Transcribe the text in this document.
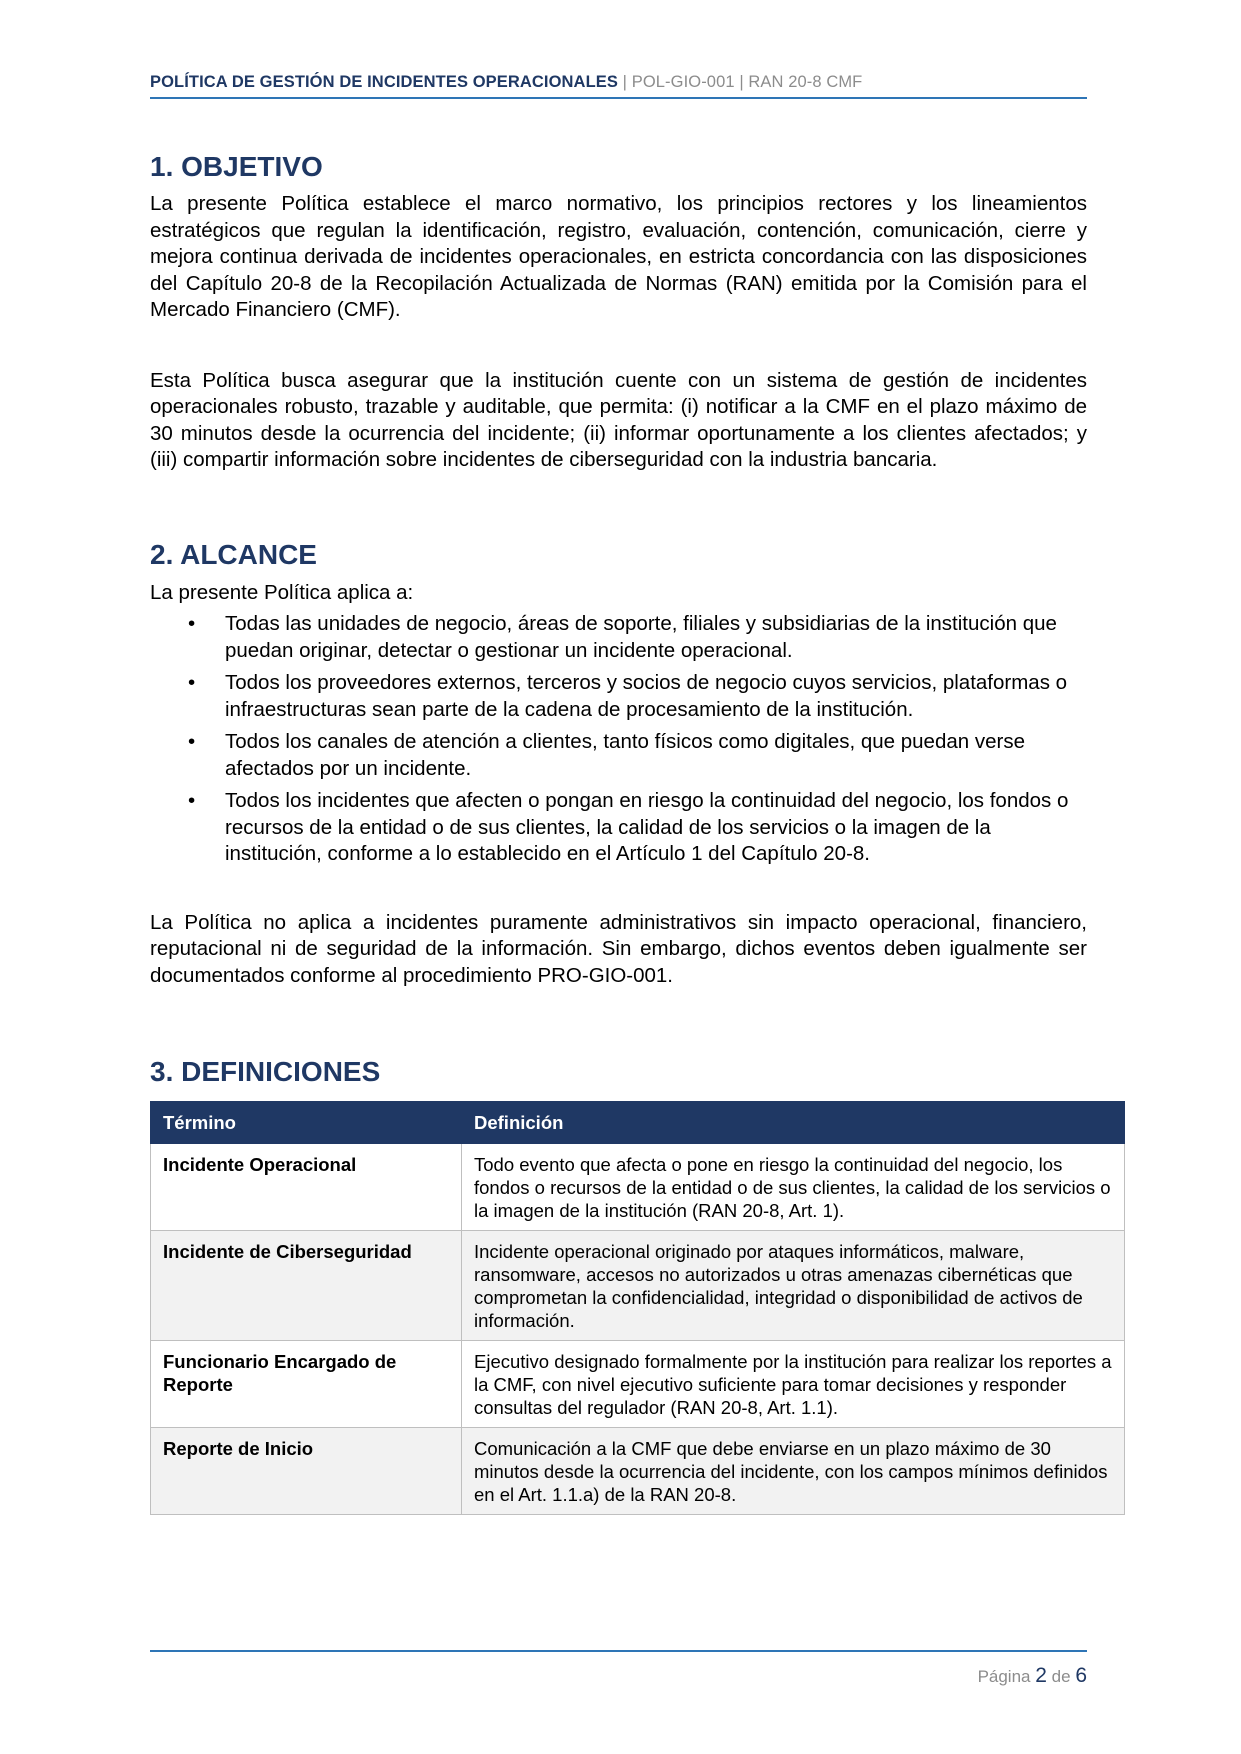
POLÍTICA DE GESTIÓN DE INCIDENTES OPERACIONALES | POL-GIO-001 | RAN 20-8 CMF
1. OBJETIVO

La presente Política establece el marco normativo, los principios rectores y los lineamientos estratégicos que regulan la identificación, registro, evaluación, contención, comunicación, cierre y mejora continua derivada de incidentes operacionales, en estricta concordancia con las disposiciones del Capítulo 20-8 de la Recopilación Actualizada de Normas (RAN) emitida por la Comisión para el Mercado Financiero (CMF).

Esta Política busca asegurar que la institución cuente con un sistema de gestión de incidentes operacionales robusto, trazable y auditable, que permita: (i) notificar a la CMF en el plazo máximo de 30 minutos desde la ocurrencia del incidente; (ii) informar oportunamente a los clientes afectados; y (iii) compartir información sobre incidentes de ciberseguridad con la industria bancaria.

2. ALCANCE

La presente Política aplica a:

• Todas las unidades de negocio, áreas de soporte, filiales y subsidiarias de la institución que puedan originar, detectar o gestionar un incidente operacional.
• Todos los proveedores externos, terceros y socios de negocio cuyos servicios, plataformas o infraestructuras sean parte de la cadena de procesamiento de la institución.
• Todos los canales de atención a clientes, tanto físicos como digitales, que puedan verse afectados por un incidente.
• Todos los incidentes que afecten o pongan en riesgo la continuidad del negocio, los fondos o recursos de la entidad o de sus clientes, la calidad de los servicios o la imagen de la institución, conforme a lo establecido en el Artículo 1 del Capítulo 20-8.

La Política no aplica a incidentes puramente administrativos sin impacto operacional, financiero, reputacional ni de seguridad de la información. Sin embargo, dichos eventos deben igualmente ser documentados conforme al procedimiento PRO-GIO-001.

3. DEFINICIONES
Término	Definición
Incidente Operacional	Todo evento que afecta o pone en riesgo la continuidad del negocio, los fondos o recursos de la entidad o de sus clientes, la calidad de los servicios o la imagen de la institución (RAN 20-8, Art. 1).
Incidente de Ciberseguridad	Incidente operacional originado por ataques informáticos, malware, ransomware, accesos no autorizados u otras amenazas cibernéticas que comprometan la confidencialidad, integridad o disponibilidad de activos de información.
Funcionario Encargado de Reporte	Ejecutivo designado formalmente por la institución para realizar los reportes a la CMF, con nivel ejecutivo suficiente para tomar decisiones y responder consultas del regulador (RAN 20-8, Art. 1.1).
Reporte de Inicio	Comunicación a la CMF que debe enviarse en un plazo máximo de 30 minutos desde la ocurrencia del incidente, con los campos mínimos definidos en el Art. 1.1.a) de la RAN 20-8.
Página 2 de 6
